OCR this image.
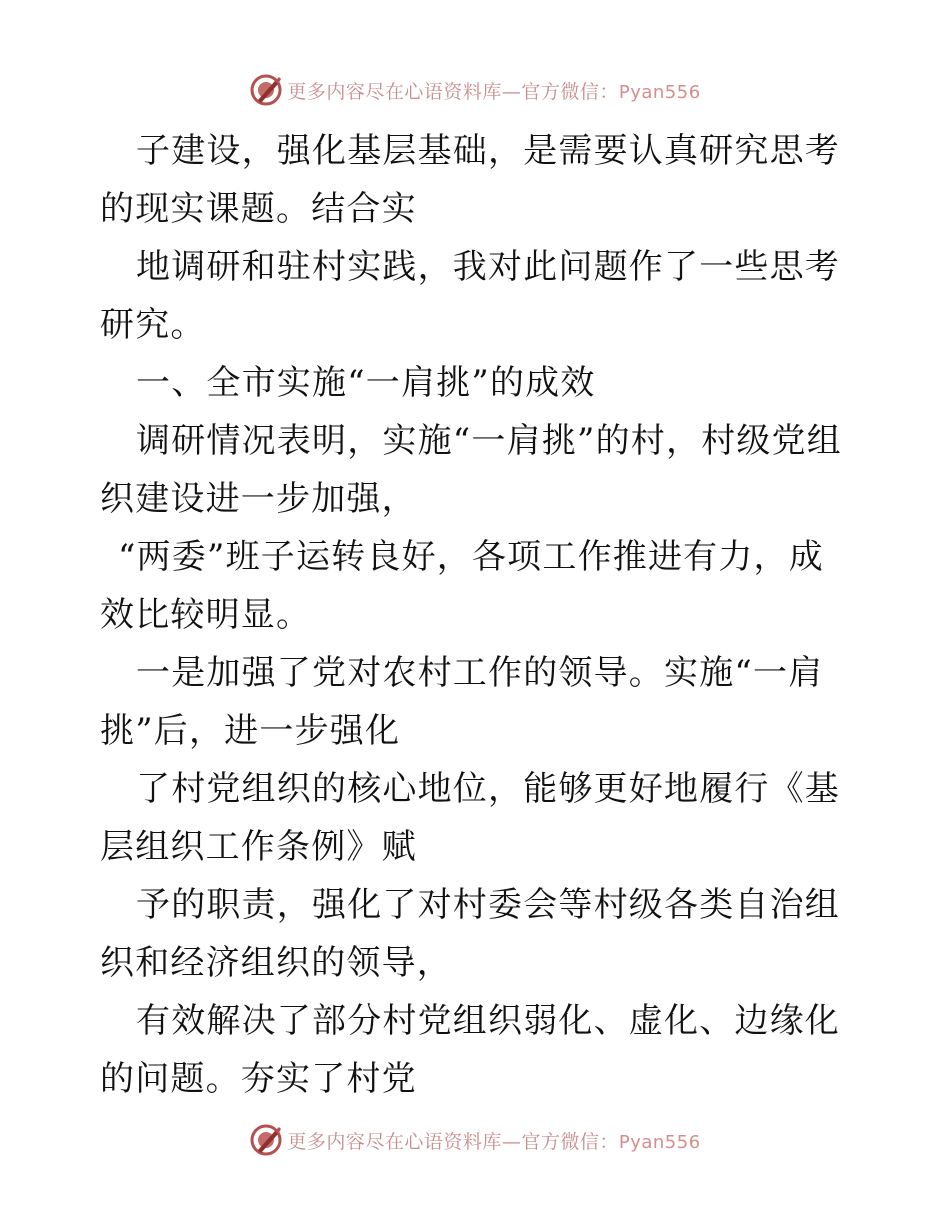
更多内容尽在心语资料库—官方微信：Pyan556

子建设，强化基层基础，是需要认真研究思考的现实课题。结合实

地调研和驻村实践，我对此问题作了一些思考研究。

一、全市实施“一肩挑”的成效

调研情况表明，实施“一肩挑”的村，村级党组织建设进一步加强，

“两委”班子运转良好，各项工作推进有力，成效比较明显。

一是加强了党对农村工作的领导。实施“一肩挑”后，进一步强化

了村党组织的核心地位，能够更好地履行《基层组织工作条例》赋

予的职责，强化了对村委会等村级各类自治组织和经济组织的领导，

有效解决了部分村党组织弱化、虚化、边缘化的问题。夯实了村党

更多内容尽在心语资料库—官方微信：Pyan556
